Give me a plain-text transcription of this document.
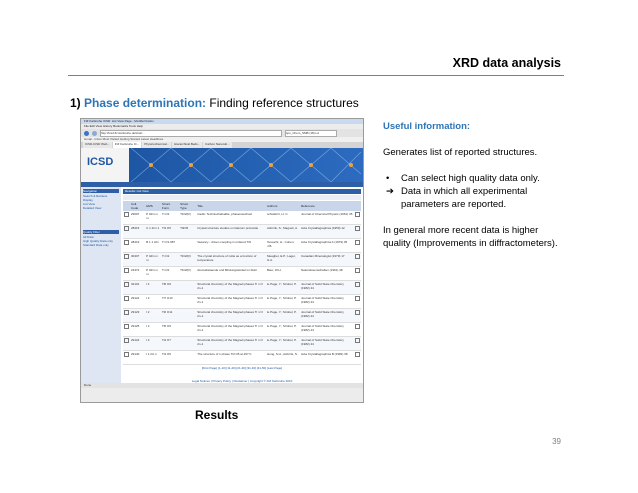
XRD data analysis
1) Phase determination: Finding reference structures
FIZ Karlsruhe ICSD: List View Page - Mozilla Firefox
File Edit View History Bookmarks Tools Help
http://icsd.fiz-karlsruhe.de/icsd/...	sps_Chem_SMB (18) LA
Gmail - Inbox Most Visited Getting Started Latest Headlines
ICSD-ICSD Web...	FIZ Karlsruhe IC...	Physicochemical...	Hierarchical Beds...	Carbon Nanotub...
ICSD
Navigation
Search & Retrieve
Display
List View
Detailed View
Quality Filter
All Data
High Quality Data only
Standard Data only
Results: List View
	Coll. Code	HMS	Struct. Form.	Struct. Type	Title	Authors	Reference	
	29097	P 42/m n m	Ti O2	TiO2(R)	Cadis: Technischebaklte, phasenwechsel	schullehrt, H. C.	Journal of Chemical Physics (1961) 35	
	28415	C 1 2/m 1	Ti3 O5	Ti3O5	Crystal structure studies on titanium protoxide	Asbrink, S.; Magneli, A.	Acta Crystallographica (1959) 12	
	28419	B 1 1 2/m	Ti O1.087		Vacancy - driven coupling in ordered TiO	Terauchi, H.; Cohen, J.B.	Acta Crystallographica A (1979) 35	
	30407	P 42/m n m	Ti O2	TiO2(R)	The crystal structure of rutile as a function of temperature	Meagher, E.P.; Lager, G.A.	Canadian Mineralogist (1979) 17	
	24372	P 42/m n m	Ti O2	TiO2(R)	Atomabstaende und Bindungswinkel im Rutil	Baur, W.H.	Naturwissenschaften (1961) 48	
	32101	I 4	Ti8 O9		Structural chemistry of the Magneli phases Ti n O 2n-1	le Page, Y.; Strobel, P.	Journal of Solid State Chemistry (1982) 44	
	29122	I 2	Ti7 O13		Structural chemistry of the Magneli phases Ti n O 2n-1	le Page, Y.; Strobel, P.	Journal of Solid State Chemistry (1982) 44	
	29123	I 2	Ti6 O11		Structural chemistry of the Magneli phases Ti n O 2n-1	le Page, Y.; Strobel, P.	Journal of Solid State Chemistry (1982) 44	
	29125	I 2	Ti5 O9		Structural chemistry of the Magneli phases Ti n O 2n-1	le Page, Y.; Strobel, P.	Journal of Solid State Chemistry (1982) 44	
	29124	I 2	Ti4 O7		Structural chemistry of the Magneli phases Ti n O 2n-1	le Page, Y.; Strobel, P.	Journal of Solid State Chemistry (1982) 44	
	29140	I 1 2/c 1	Ti3 O5		The structure of 1 phase Ti3 O5 at 297 K	Hong, S.H.; Asbrink, S.	Acta Crystallographica B (1982) 38	
[First Page] [1-10] [11-20] [21-30] [31-40] [41-50] [Last Page]
Legal Notices | Privacy Policy | Disclaimer | Copyright © FIZ Karlsruhe 2010
Done
Useful information:

Generates list of reported structures.

• Can select high quality data only.
➔ Data in which all experimental parameters are reported.

In general more recent data is higher quality (Improvements in diffractometers).

Results
39
